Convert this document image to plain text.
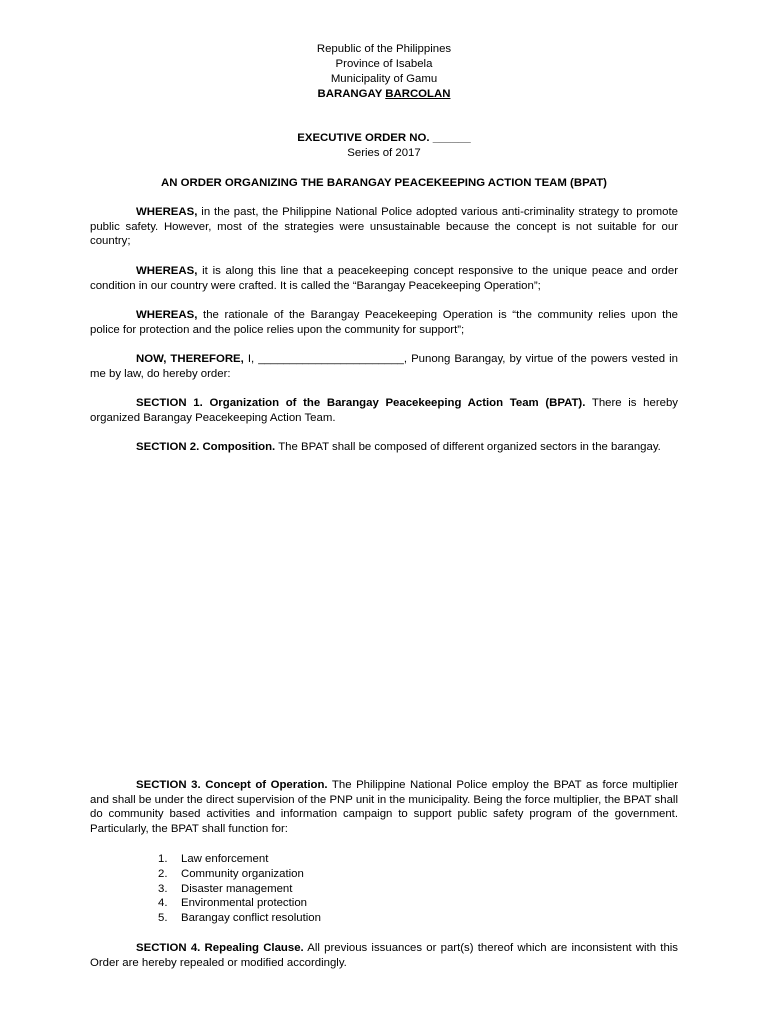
Republic of the Philippines
Province of Isabela
Municipality of Gamu
BARANGAY BARCOLAN
EXECUTIVE ORDER NO. ______
Series of 2017
AN ORDER ORGANIZING THE BARANGAY PEACEKEEPING ACTION TEAM (BPAT)
WHEREAS, in the past, the Philippine National Police adopted various anti-criminality strategy to promote public safety. However, most of the strategies were unsustainable because the concept is not suitable for our country;
WHEREAS, it is along this line that a peacekeeping concept responsive to the unique peace and order condition in our country were crafted. It is called the “Barangay Peacekeeping Operation”;
WHEREAS, the rationale of the Barangay Peacekeeping Operation is “the community relies upon the police for protection and the police relies upon the community for support”;
NOW, THEREFORE, I, _______________________, Punong Barangay, by virtue of the powers vested in me by law, do hereby order:
SECTION 1. Organization of the Barangay Peacekeeping Action Team (BPAT). There is hereby organized Barangay Peacekeeping Action Team.
SECTION 2. Composition. The BPAT shall be composed of different organized sectors in the barangay.
SECTION 3. Concept of Operation. The Philippine National Police employ the BPAT as force multiplier and shall be under the direct supervision of the PNP unit in the municipality. Being the force multiplier, the BPAT shall do community based activities and information campaign to support public safety program of the government. Particularly, the BPAT shall function for:
1. Law enforcement
2. Community organization
3. Disaster management
4. Environmental protection
5. Barangay conflict resolution
SECTION 4. Repealing Clause. All previous issuances or part(s) thereof which are inconsistent with this Order are hereby repealed or modified accordingly.
